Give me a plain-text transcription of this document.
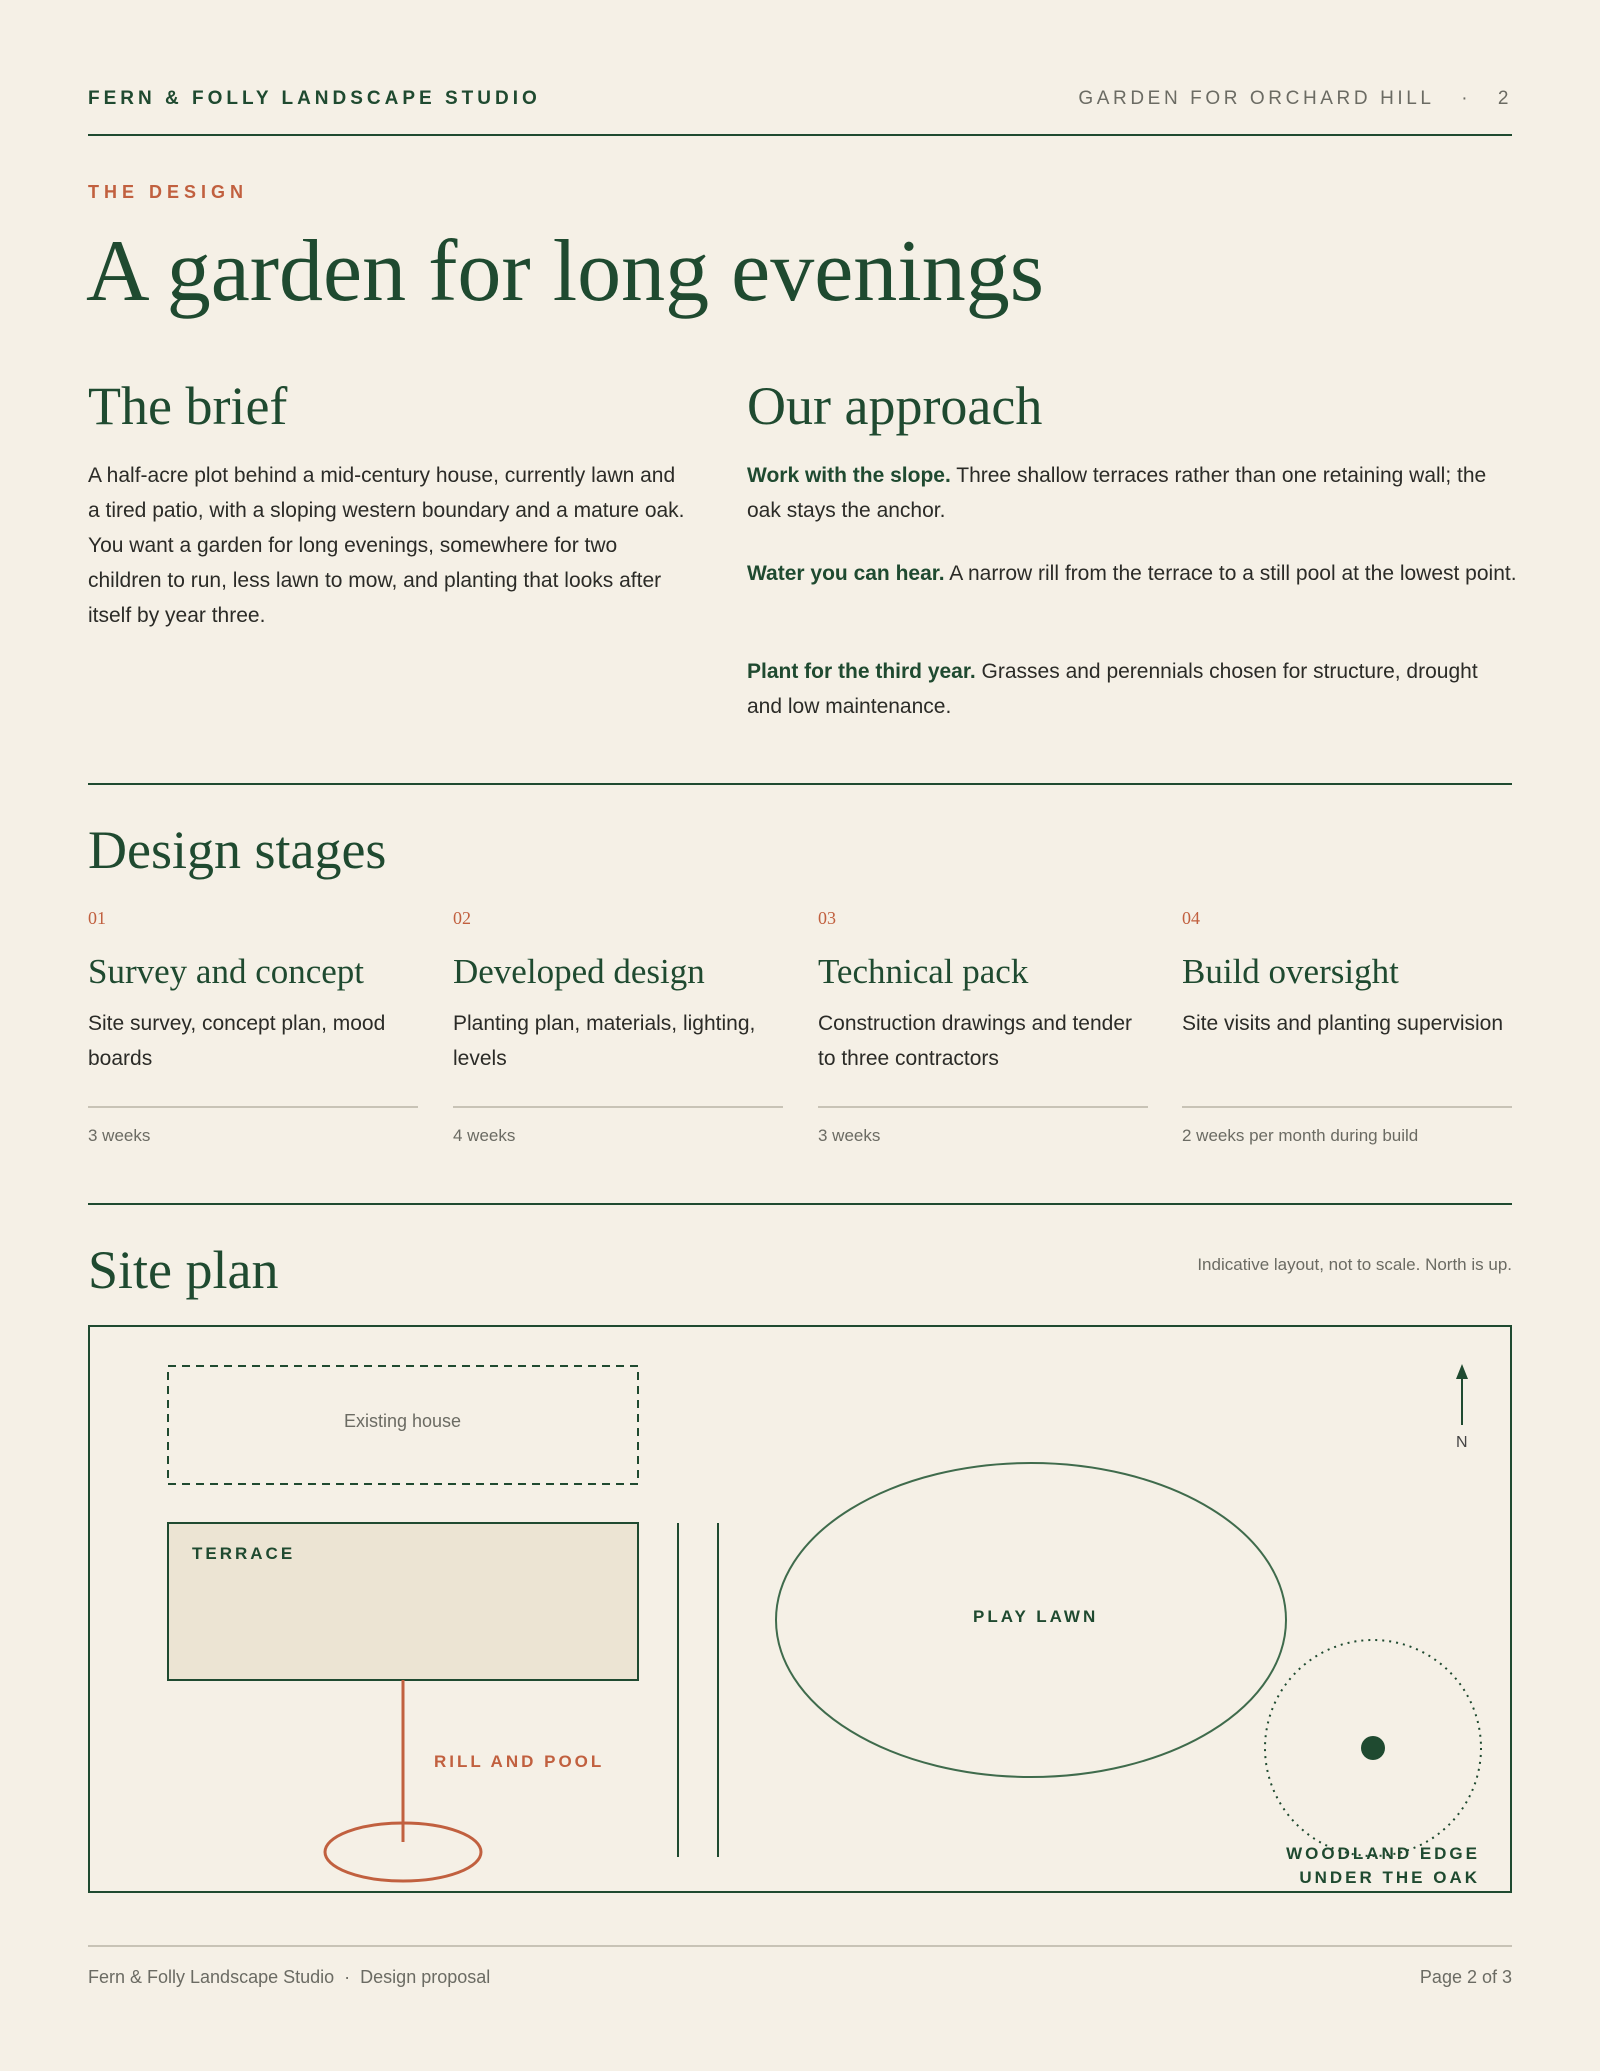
FERN & FOLLY LANDSCAPE STUDIO	GARDEN FOR ORCHARD HILL · 2
THE DESIGN
A garden for long evenings
The brief

A half-acre plot behind a mid-century house, currently lawn and a tired patio, with a sloping western boundary and a mature oak. You want a garden for long evenings, somewhere for two children to run, less lawn to mow, and planting that looks after itself by year three.

Our approach

Work with the slope. Three shallow terraces rather than one retaining wall; the oak stays the anchor.

Water you can hear. A narrow rill from the terrace to a still pool at the lowest point.

Plant for the third year. Grasses and perennials chosen for structure, drought and low maintenance.

Design stages
01
Survey and concept
Site survey, concept plan, mood boards
3 weeks
02
Developed design
Planting plan, materials, lighting, levels
4 weeks
03
Technical pack
Construction drawings and tender to three contractors
3 weeks
04
Build oversight
Site visits and planting supervision
2 weeks per month during build
Site plan	Indicative layout, not to scale. North is up.
Existing house
TERRACE
PLAY LAWN
RILL AND POOL
WOODLAND EDGE
UNDER THE OAK
N
Fern & Folly Landscape Studio · Design proposal	Page 2 of 3
